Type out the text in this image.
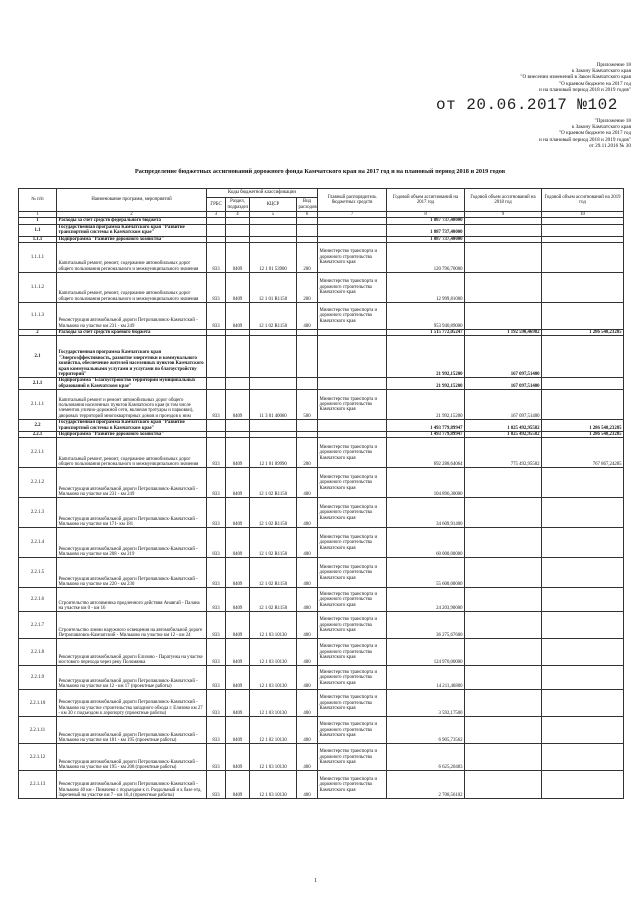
Приложение 18
к Закону Камчатского края
"О внесении изменений в Закон Камчатского края
"О краевом бюджете на 2017 год
и на плановый период 2018 и 2019 годов"
от 20.06.2017 №102
"Приложение 18
к Закону Камчатского края
"О краевом бюджете на 2017 год
и на плановый период 2018 и 2019 годов"
от 29.11.2016 № 30
Распределение бюджетных ассигнований дорожного фонда Камчатского края на 2017 год и на плановый период 2018 и 2019 годов
№ п/п	Наименование программ, мероприятий	Коды бюджетной классификации				Главный распорядитель бюджетных средств	Годовой объем ассигнований на 2017 год	Годовой объем ассигнований на 2018 год	Годовой объем ассигнований на 2019 год
		ГРБС	Раздел, подраздел	КЦСР	Вид расходов				
1	2	3	4	5	6	7	8	9	10
1	Расходы за счет средств федерального бюджета						1 887 737,40000		
1.1	Государственная программа Камчатского края "Развитие транспортной системы в Камчатском крае"						1 887 737,40000		
1.1.1	Подпрограмма "Развитие дорожного хозяйства"						1 887 737,40000		
1.1.1.1	Капитальный ремонт, ремонт, содержание автомобильных дорог общего пользования регионального и межмуниципального значения	833	0409	12 1 01 53900	200	Министерство транспорта и дорожного строительства Камчатского края	120 796,70000		
1.1.1.2	Капитальный ремонт, ремонт, содержание автомобильных дорог общего пользования регионального и межмуниципального значения	833	0409	12 1 01 R1150	200	Министерство транспорта и дорожного строительства Камчатского края	12 999,81000		
1.1.1.3	Реконструкция автомобильной дороги Петропавловск-Камчатский - Мильково на участке км 231 - км 249	833	0409	12 1 02 R1150	400	Министерство транспорта и дорожного строительства Камчатского края	953 940,89000		
2	Расходы за счет средств краевого бюджета						1 515 772,05247	1 192 590,46982	1 286 540,23285
2.1	Государственная программа Камчатского края "Энергоэффективность, развитие энергетики и коммунального хозяйства, обеспечение жителей населенных пунктов Камчатского края коммунальными услугами и услугами по благоустройству территорий"						21 992,15200	167 097,51400	
2.1.1	Подпрограмма "Благоустройство территорий муниципальных образований в Камчатском крае"						21 992,15200	167 097,51400	
2.1.1.1	Капитальный ремонт и ремонт автомобильных дорог общего пользования населенных пунктов Камчатского края (в том числе элементов улично-дорожной сети, включая тротуары и парковки), дворовых территорий многоквартирных домов и проездов к ним	833	0409	11 3 01 40060	500	Министерство транспорта и дорожного строительства Камчатского края	21 992,15200	167 097,51400	
2.2	Государственная программа Камчатского края "Развитие транспортной системы в Камчатском крае"						1 493 779,89947	1 025 492,95582	1 286 540,23285
2.2.1	Подпрограмма "Развитие дорожного хозяйства"						1 493 779,89947	1 025 492,95582	1 286 540,23285
2.2.1.1	Капитальный ремонт, ремонт, содержание автомобильных дорог общего пользования регионального и межмуниципального значения	833	0409	12 1 01 09990	200	Министерство транспорта и дорожного строительства Камчатского края	692 288,64064	775 492,95582	767 867,24285
2.2.1.2	Реконструкция автомобильной дороги Петропавловск-Камчатский - Мильково на участке км 231 - км 249	833	0409	12 1 02 R1150	400	Министерство транспорта и дорожного строительства Камчатского края	104 896,30000		
2.2.1.3	Реконструкция автомобильной дороги Петропавловск-Камчатский - Мильково на участке км 171- км 181	833	0409	12 1 02 R1150	400	Министерство транспорта и дорожного строительства Камчатского края	34 609,91400		
2.2.1.4	Реконструкция автомобильной дороги Петропавловск-Камчатский - Мильково на участке км 208 - км 219	833	0409	12 1 02 R1150	400	Министерство транспорта и дорожного строительства Камчатского края	60 000,00000		
2.2.1.5	Реконструкция автомобильной дороги Петропавловск-Камчатский - Мильково на участке км 220 - км 230	833	0409	12 1 02 R1150	400	Министерство транспорта и дорожного строительства Камчатского края	55 600,00000		
2.2.1.6	Строительство автозимника продленного действия Анавгай - Палана на участке км 0 - км 16	833	0409	12 1 02 R1150	400	Министерство транспорта и дорожного строительства Камчатского края	24 203,90000		
2.2.1.7	Строительство линии наружного освещения на автомобильной дороге Петропавловск-Камчатский - Мильково на участке км 12 - км 24	833	0409	12 1 03 10130	400	Министерство транспорта и дорожного строительства Камчатского края	36 275,67600		
2.2.1.8	Реконструкция автомобильной дороги Елизово - Паратунка на участке мостового перехода через реку Поломянка	833	0409	12 1 03 10130	400	Министерство транспорта и дорожного строительства Камчатского края	124 970,00000		
2.2.1.9	Реконструкция автомобильной дороги Петропавловск-Камчатский - Мильково на участке км 12 - км 17 (проектные работы)	833	0409	12 1 03 10130	400	Министерство транспорта и дорожного строительства Камчатского края	14 211,46800		
2.2.1.10	Реконструкция автомобильной дороги Петропавловск-Камчатский - Мильково на участке строительства западного обхода г. Елизово км 27 - км 30 с подъездом к аэропорту (проектные работы)	833	0409	12 1 03 10130	400	Министерство транспорта и дорожного строительства Камчатского края	3 592,17500		
2.2.1.11	Реконструкция автомобильной дороги Петропавловск-Камчатский - Мильково на участке км 181 - км 195 (проектные работы)	833	0409	12 1 02 10130	400	Министерство транспорта и дорожного строительства Камчатского края	6 905,73562		
2.2.1.12	Реконструкция автомобильной дороги Петропавловск-Камчатский - Мильково на участке км 195 - км 208 (проектные работы)	833	0409	12 1 03 10130	400	Министерство транспорта и дорожного строительства Камчатского края	6 625,20483		
2.2.1.13	Реконструкция автомобильной дороги Петропавловск-Камчатский - Мильково 40 км - Пиначево с подъездом к п. Раздольный и к базе отд. Зареченый на участке км 7 - км 16,4 (проектные работы)	833	0409	12 1 03 10130	400	Министерство транспорта и дорожного строительства Камчатского края	2 708,56102		
1
